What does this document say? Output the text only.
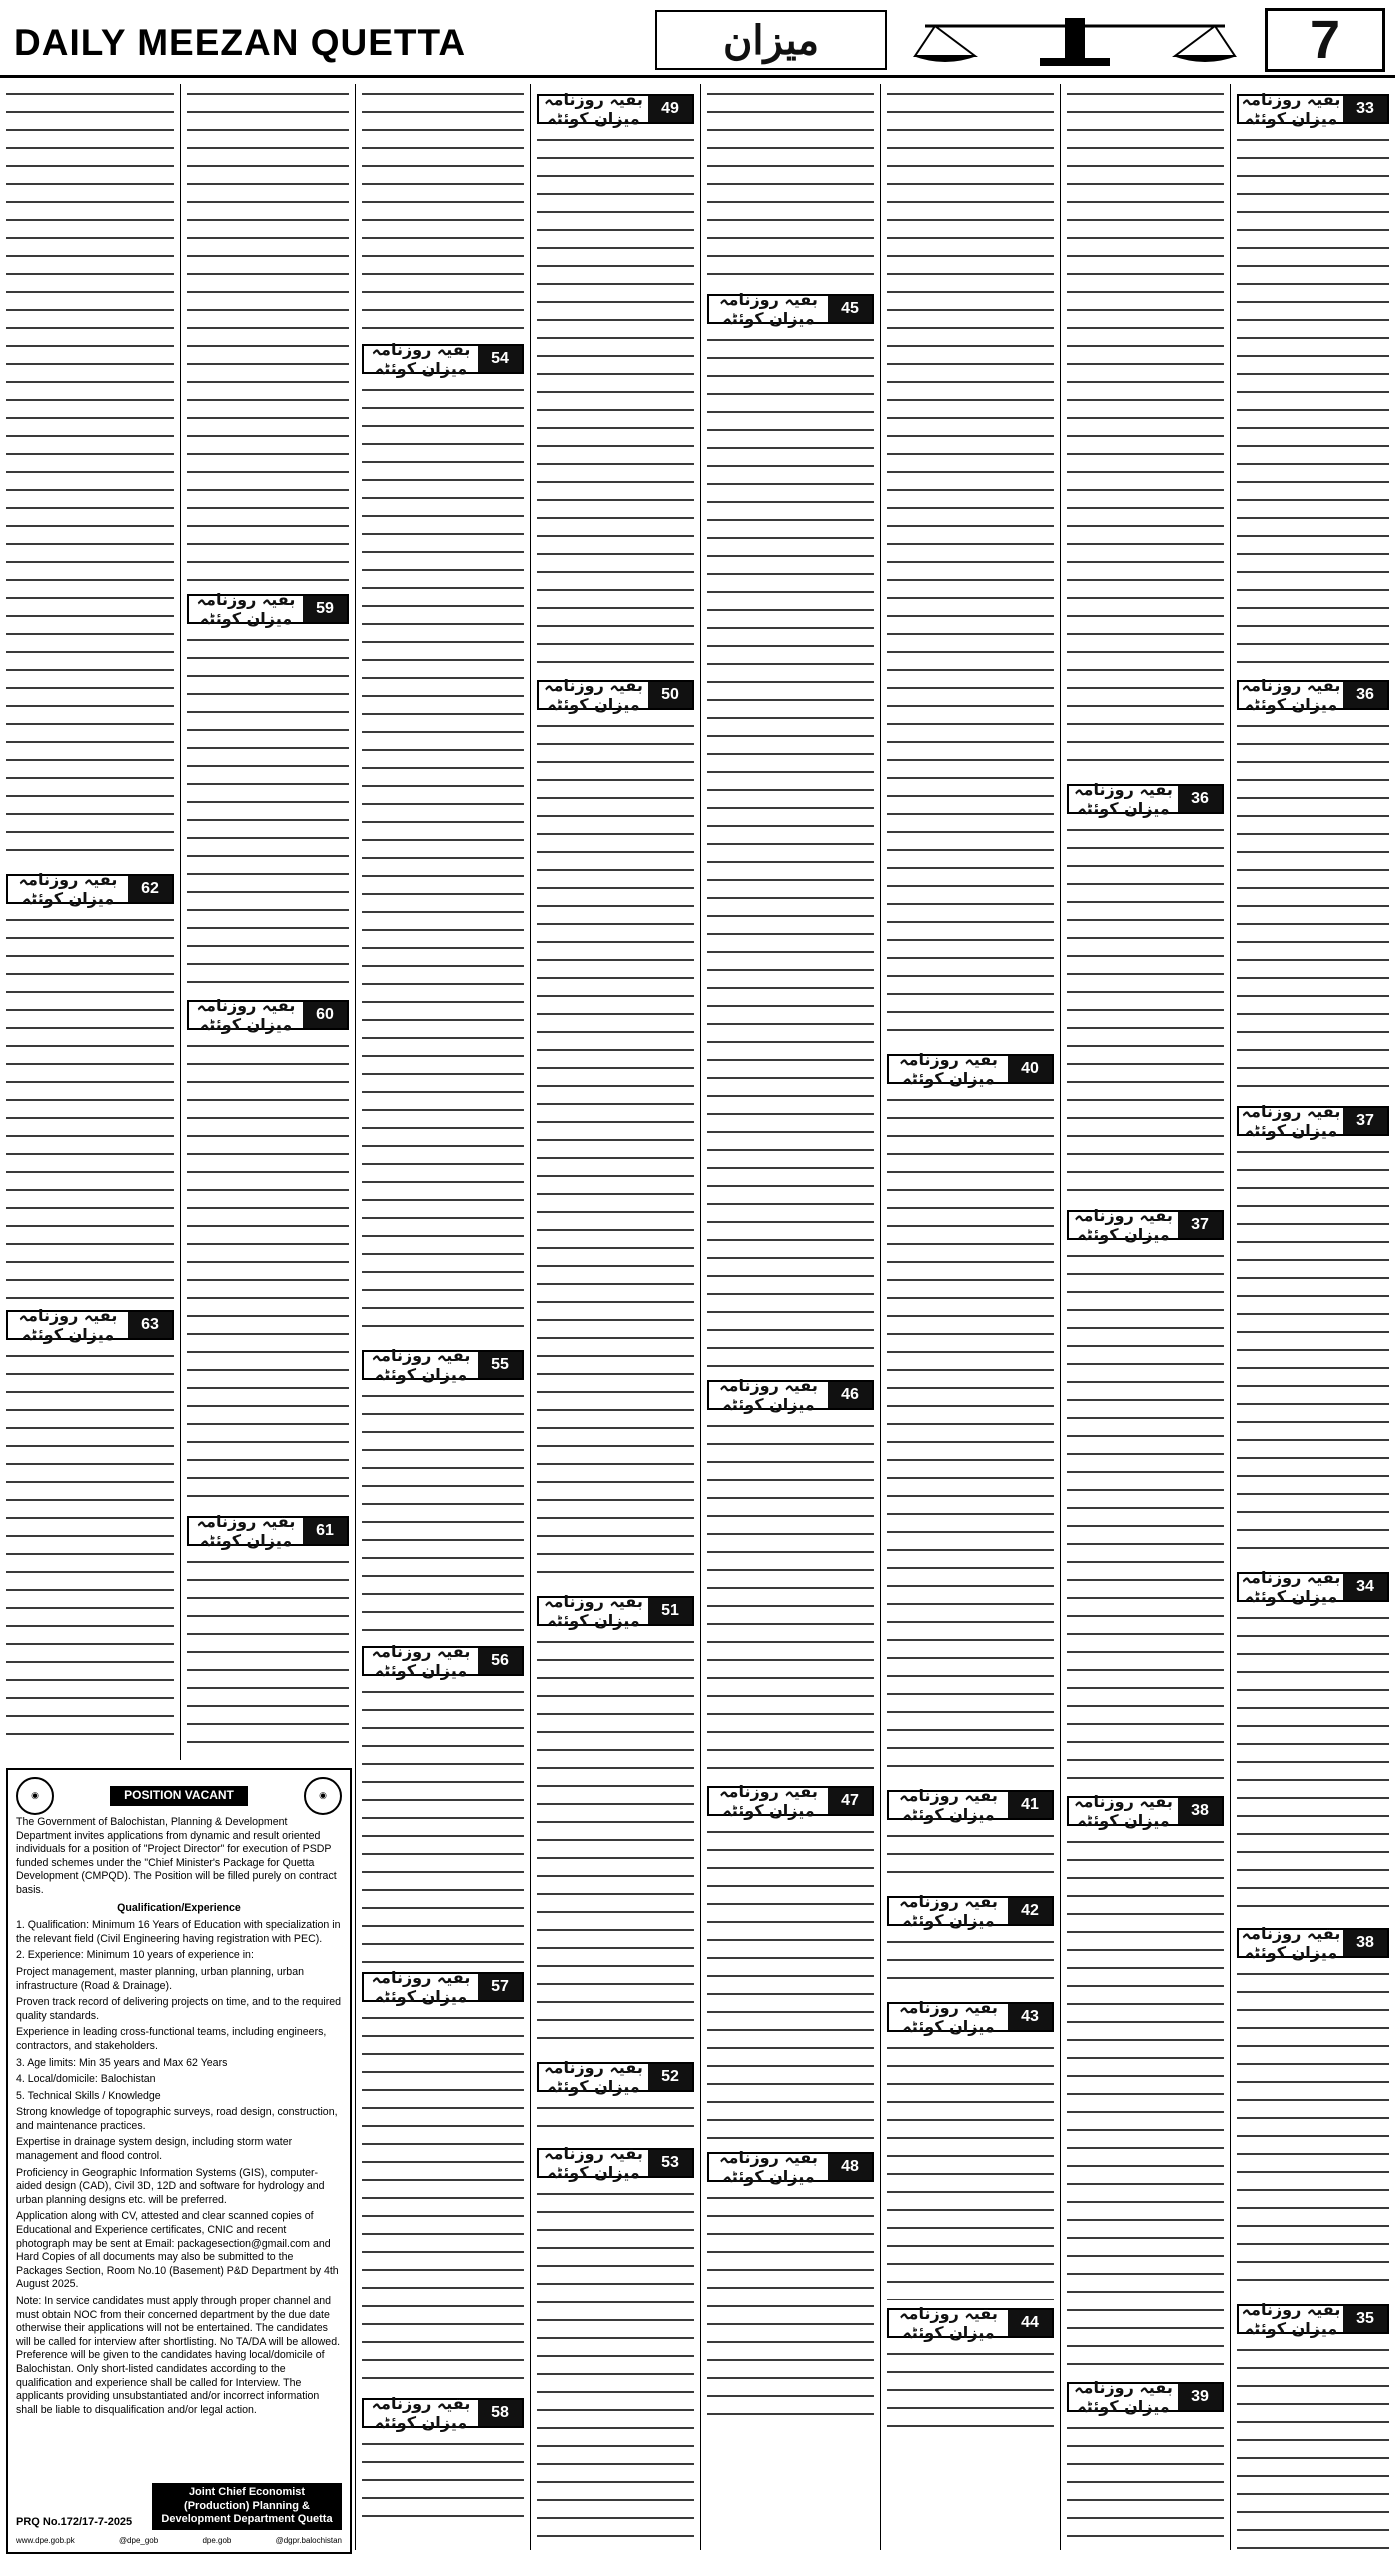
DAILY MEEZAN QUETTA	میزان	7
33
بقیہ روزنامہ میزان کوئٹہ
36
بقیہ روزنامہ میزان کوئٹہ
37
بقیہ روزنامہ میزان کوئٹہ
34
بقیہ روزنامہ میزان کوئٹہ
38
بقیہ روزنامہ میزان کوئٹہ
35
بقیہ روزنامہ میزان کوئٹہ
36
بقیہ روزنامہ میزان کوئٹہ
37
بقیہ روزنامہ میزان کوئٹہ
38
بقیہ روزنامہ میزان کوئٹہ
39
بقیہ روزنامہ میزان کوئٹہ
40
بقیہ روزنامہ میزان کوئٹہ
41
بقیہ روزنامہ میزان کوئٹہ
42
بقیہ روزنامہ میزان کوئٹہ
43
بقیہ روزنامہ میزان کوئٹہ
44
بقیہ روزنامہ میزان کوئٹہ
45
بقیہ روزنامہ میزان کوئٹہ
46
بقیہ روزنامہ میزان کوئٹہ
47
بقیہ روزنامہ میزان کوئٹہ
48
بقیہ روزنامہ میزان کوئٹہ
49
بقیہ روزنامہ میزان کوئٹہ
50
بقیہ روزنامہ میزان کوئٹہ
51
بقیہ روزنامہ میزان کوئٹہ
52
بقیہ روزنامہ میزان کوئٹہ
53
بقیہ روزنامہ میزان کوئٹہ
54
بقیہ روزنامہ میزان کوئٹہ
55
بقیہ روزنامہ میزان کوئٹہ
56
بقیہ روزنامہ میزان کوئٹہ
57
بقیہ روزنامہ میزان کوئٹہ
58
بقیہ روزنامہ میزان کوئٹہ
59
بقیہ روزنامہ میزان کوئٹہ
60
بقیہ روزنامہ میزان کوئٹہ
61
بقیہ روزنامہ میزان کوئٹہ
62
بقیہ روزنامہ میزان کوئٹہ
63
بقیہ روزنامہ میزان کوئٹہ
◉	POSITION VACANT	◉

The Government of Balochistan, Planning & Development Department invites applications from dynamic and result oriented individuals for a position of "Project Director" for execution of PSDP funded schemes under the "Chief Minister's Package for Quetta Development (CMPQD). The Position will be filled purely on contract basis.

Qualification/Experience

1. Qualification: Minimum 16 Years of Education with specialization in the relevant field (Civil Engineering having registration with PEC).

2. Experience: Minimum 10 years of experience in:

Project management, master planning, urban planning, urban infrastructure (Road & Drainage).

Proven track record of delivering projects on time, and to the required quality standards.

Experience in leading cross-functional teams, including engineers, contractors, and stakeholders.

3. Age limits: Min 35 years and Max 62 Years

4. Local/domicile: Balochistan

5. Technical Skills / Knowledge

Strong knowledge of topographic surveys, road design, construction, and maintenance practices.

Expertise in drainage system design, including storm water management and flood control.

Proficiency in Geographic Information Systems (GIS), computer-aided design (CAD), Civil 3D, 12D and software for hydrology and urban planning designs etc. will be preferred.

Application along with CV, attested and clear scanned copies of Educational and Experience certificates, CNIC and recent photograph may be sent at Email: packagesection@gmail.com and Hard Copies of all documents may also be submitted to the Packages Section, Room No.10 (Basement) P&D Department by 4th August 2025.

Note: In service candidates must apply through proper channel and must obtain NOC from their concerned department by the due date otherwise their applications will not be entertained. The candidates will be called for interview after shortlisting. No TA/DA will be allowed. Preference will be given to the candidates having local/domicile of Balochistan. Only short-listed candidates according to the qualification and experience shall be called for Interview. The applicants providing unsubstantiated and/or incorrect information shall be liable to disqualification and/or legal action.

PRQ No.172/17-7-2025
Joint Chief Economist (Production) Planning & Development Department Quetta
www.dpe.gob.pk	@dpe_gob	dpe.gob	@dgpr.balochistan
